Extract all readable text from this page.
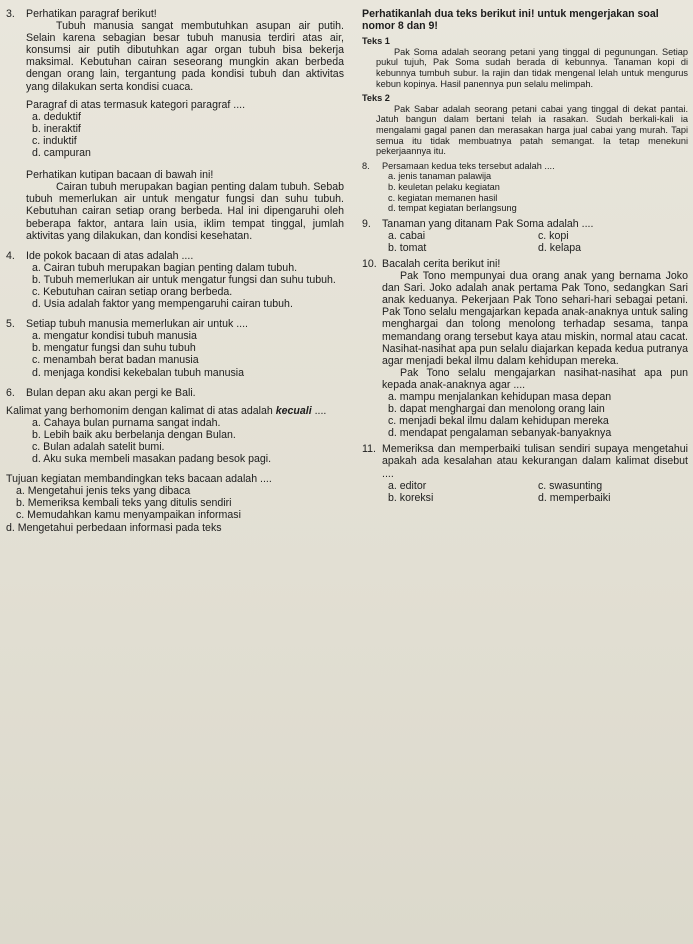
3.	Perhatikan paragraf berikut!
Tubuh manusia sangat membutuhkan asupan air putih. Selain karena sebagian besar tubuh manusia terdiri atas air, konsumsi air putih dibutuhkan agar organ tubuh bisa bekerja maksimal. Kebutuhan cairan seseorang mungkin akan berbeda dengan orang lain, tergantung pada kondisi tubuh dan aktivitas yang dilakukan serta kondisi cuaca.
Paragraf di atas termasuk kategori paragraf ....
a. deduktif
b. ineraktif
c. induktif
d. campuran
Perhatikan kutipan bacaan di bawah ini!
Cairan tubuh merupakan bagian penting dalam tubuh. Sebab tubuh memerlukan air untuk mengatur fungsi dan suhu tubuh. Kebutuhan cairan setiap orang berbeda. Hal ini dipengaruhi oleh beberapa faktor, antara lain usia, iklim tempat tinggal, jumlah aktivitas yang dilakukan, dan kondisi kesehatan.
4.	Ide pokok bacaan di atas adalah ....
a. Cairan tubuh merupakan bagian penting dalam tubuh.
b. Tubuh memerlukan air untuk mengatur fungsi dan suhu tubuh.
c. Kebutuhan cairan setiap orang berbeda.
d. Usia adalah faktor yang mempengaruhi cairan tubuh.
5.	Setiap tubuh manusia memerlukan air untuk ....
a. mengatur kondisi tubuh manusia
b. mengatur fungsi dan suhu tubuh
c. menambah berat badan manusia
d. menjaga kondisi kekebalan tubuh manusia
6.	Bulan depan aku akan pergi ke Bali.
Kalimat yang berhomonim dengan kalimat di atas adalah kecuali ....
a. Cahaya bulan purnama sangat indah.
b. Lebih baik aku berbelanja dengan Bulan.
c. Bulan adalah satelit bumi.
d. Aku suka membeli masakan padang besok pagi.
Tujuan kegiatan membandingkan teks bacaan adalah ....
a. Mengetahui jenis teks yang dibaca
b. Memeriksa kembali teks yang ditulis sendiri
c. Memudahkan kamu menyampaikan informasi
d. Mengetahui perbedaan informasi pada teks
Perhatikanlah dua teks berikut ini! untuk mengerjakan soal nomor 8 dan 9!
Teks 1
Pak Soma adalah seorang petani yang tinggal di pegunungan. Setiap pukul tujuh, Pak Soma sudah berada di kebunnya. Tanaman kopi di kebunnya tumbuh subur. Ia rajin dan tidak mengenal lelah untuk mengurus kebun kopinya. Hasil panennya pun selalu melimpah.
Teks 2
Pak Sabar adalah seorang petani cabai yang tinggal di dekat pantai. Jatuh bangun dalam bertani telah ia rasakan. Sudah berkali-kali ia mengalami gagal panen dan merasakan harga jual cabai yang murah. Tapi semua itu tidak membuatnya patah semangat. Ia tetap menekuni pekerjaannya itu.
8.	Persamaan kedua teks tersebut adalah ....
a. jenis tanaman palawija
b. keuletan pelaku kegiatan
c. kegiatan memanen hasil
d. tempat kegiatan berlangsung
9.	Tanaman yang ditanam Pak Soma adalah ....
a. cabai	c. kopi
b. tomat	d. kelapa
10. Bacalah cerita berikut ini!
Pak Tono mempunyai dua orang anak yang bernama Joko dan Sari. Joko adalah anak pertama Pak Tono, sedangkan Sari anak keduanya. Pekerjaan Pak Tono sehari-hari sebagai petani. Pak Tono selalu mengajarkan kepada anak-anaknya untuk saling menghargai dan tolong menolong terhadap sesama, tanpa memandang orang tersebut kaya atau miskin, normal atau cacat. Nasihat-nasihat apa pun selalu diajarkan kepada kedua putranya agar menjadi bekal ilmu dalam kehidupan mereka.
Pak Tono selalu mengajarkan nasihat-nasihat apa pun kepada anak-anaknya agar ....
a. mampu menjalankan kehidupan masa depan
b. dapat menghargai dan menolong orang lain
c. menjadi bekal ilmu dalam kehidupan mereka
d. mendapat pengalaman sebanyak-banyaknya
11. Memeriksa dan memperbaiki tulisan sendiri supaya mengetahui apakah ada kesalahan atau kekurangan dalam kalimat disebut ....
a. editor	c. swasunting
b. koreksi	d. memperbaiki
